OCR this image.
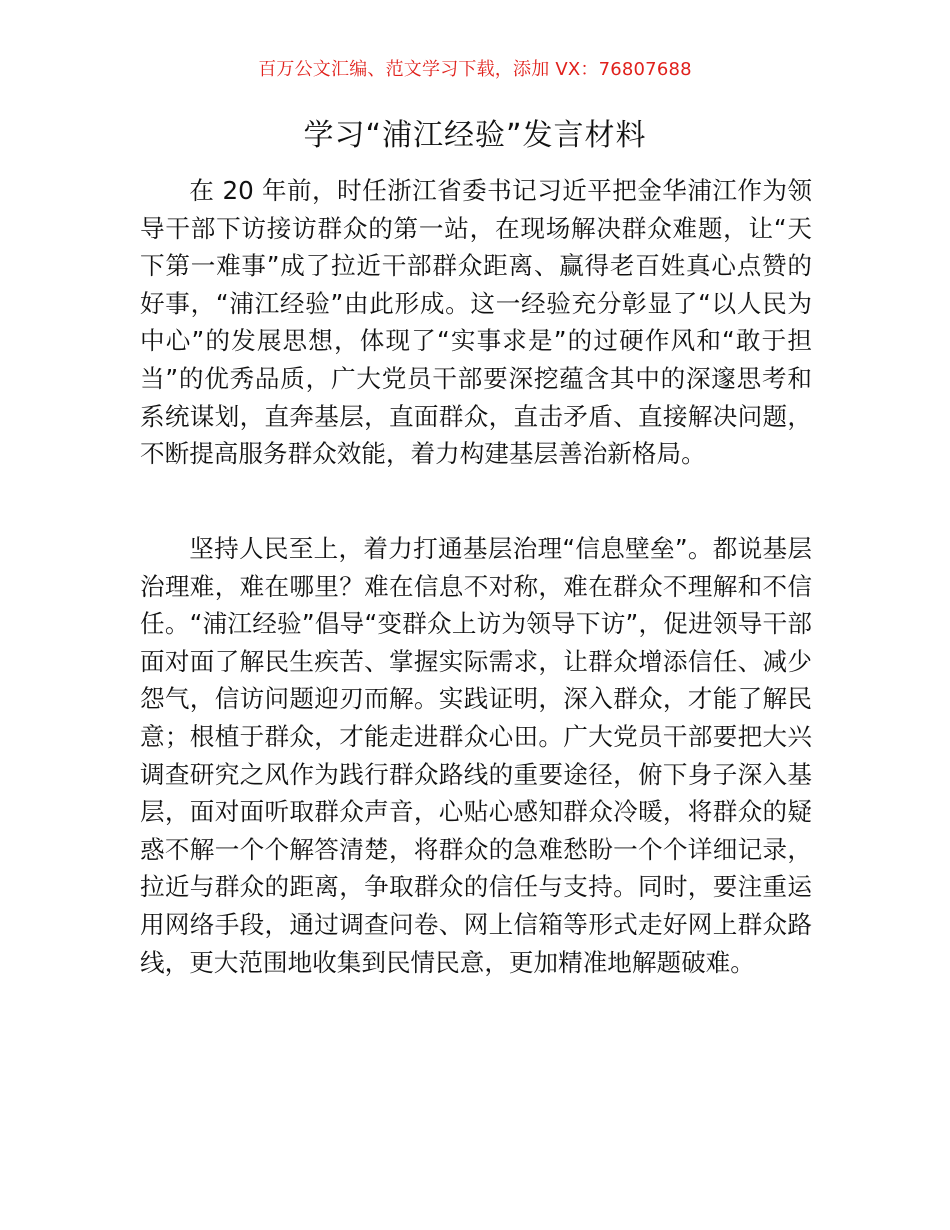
百万公文汇编、范文学习下载，添加 VX：76807688
学习“浦江经验”发言材料

在 20 年前，时任浙江省委书记习近平把金华浦江作为领导干部下访接访群众的第一站，在现场解决群众难题，让“天下第一难事”成了拉近干部群众距离、赢得老百姓真心点赞的好事，“浦江经验”由此形成。这一经验充分彰显了“以人民为中心”的发展思想，体现了“实事求是”的过硬作风和“敢于担当”的优秀品质，广大党员干部要深挖蕴含其中的深邃思考和系统谋划，直奔基层，直面群众，直击矛盾、直接解决问题，不断提高服务群众效能，着力构建基层善治新格局。

坚持人民至上，着力打通基层治理“信息壁垒”。都说基层治理难，难在哪里？难在信息不对称，难在群众不理解和不信任。“浦江经验”倡导“变群众上访为领导下访”，促进领导干部面对面了解民生疾苦、掌握实际需求，让群众增添信任、减少怨气，信访问题迎刃而解。实践证明，深入群众，才能了解民意；根植于群众，才能走进群众心田。广大党员干部要把大兴调查研究之风作为践行群众路线的重要途径，俯下身子深入基层，面对面听取群众声音，心贴心感知群众冷暖，将群众的疑惑不解一个个解答清楚，将群众的急难愁盼一个个详细记录，拉近与群众的距离，争取群众的信任与支持。同时，要注重运用网络手段，通过调查问卷、网上信箱等形式走好网上群众路线，更大范围地收集到民情民意，更加精准地解题破难。
